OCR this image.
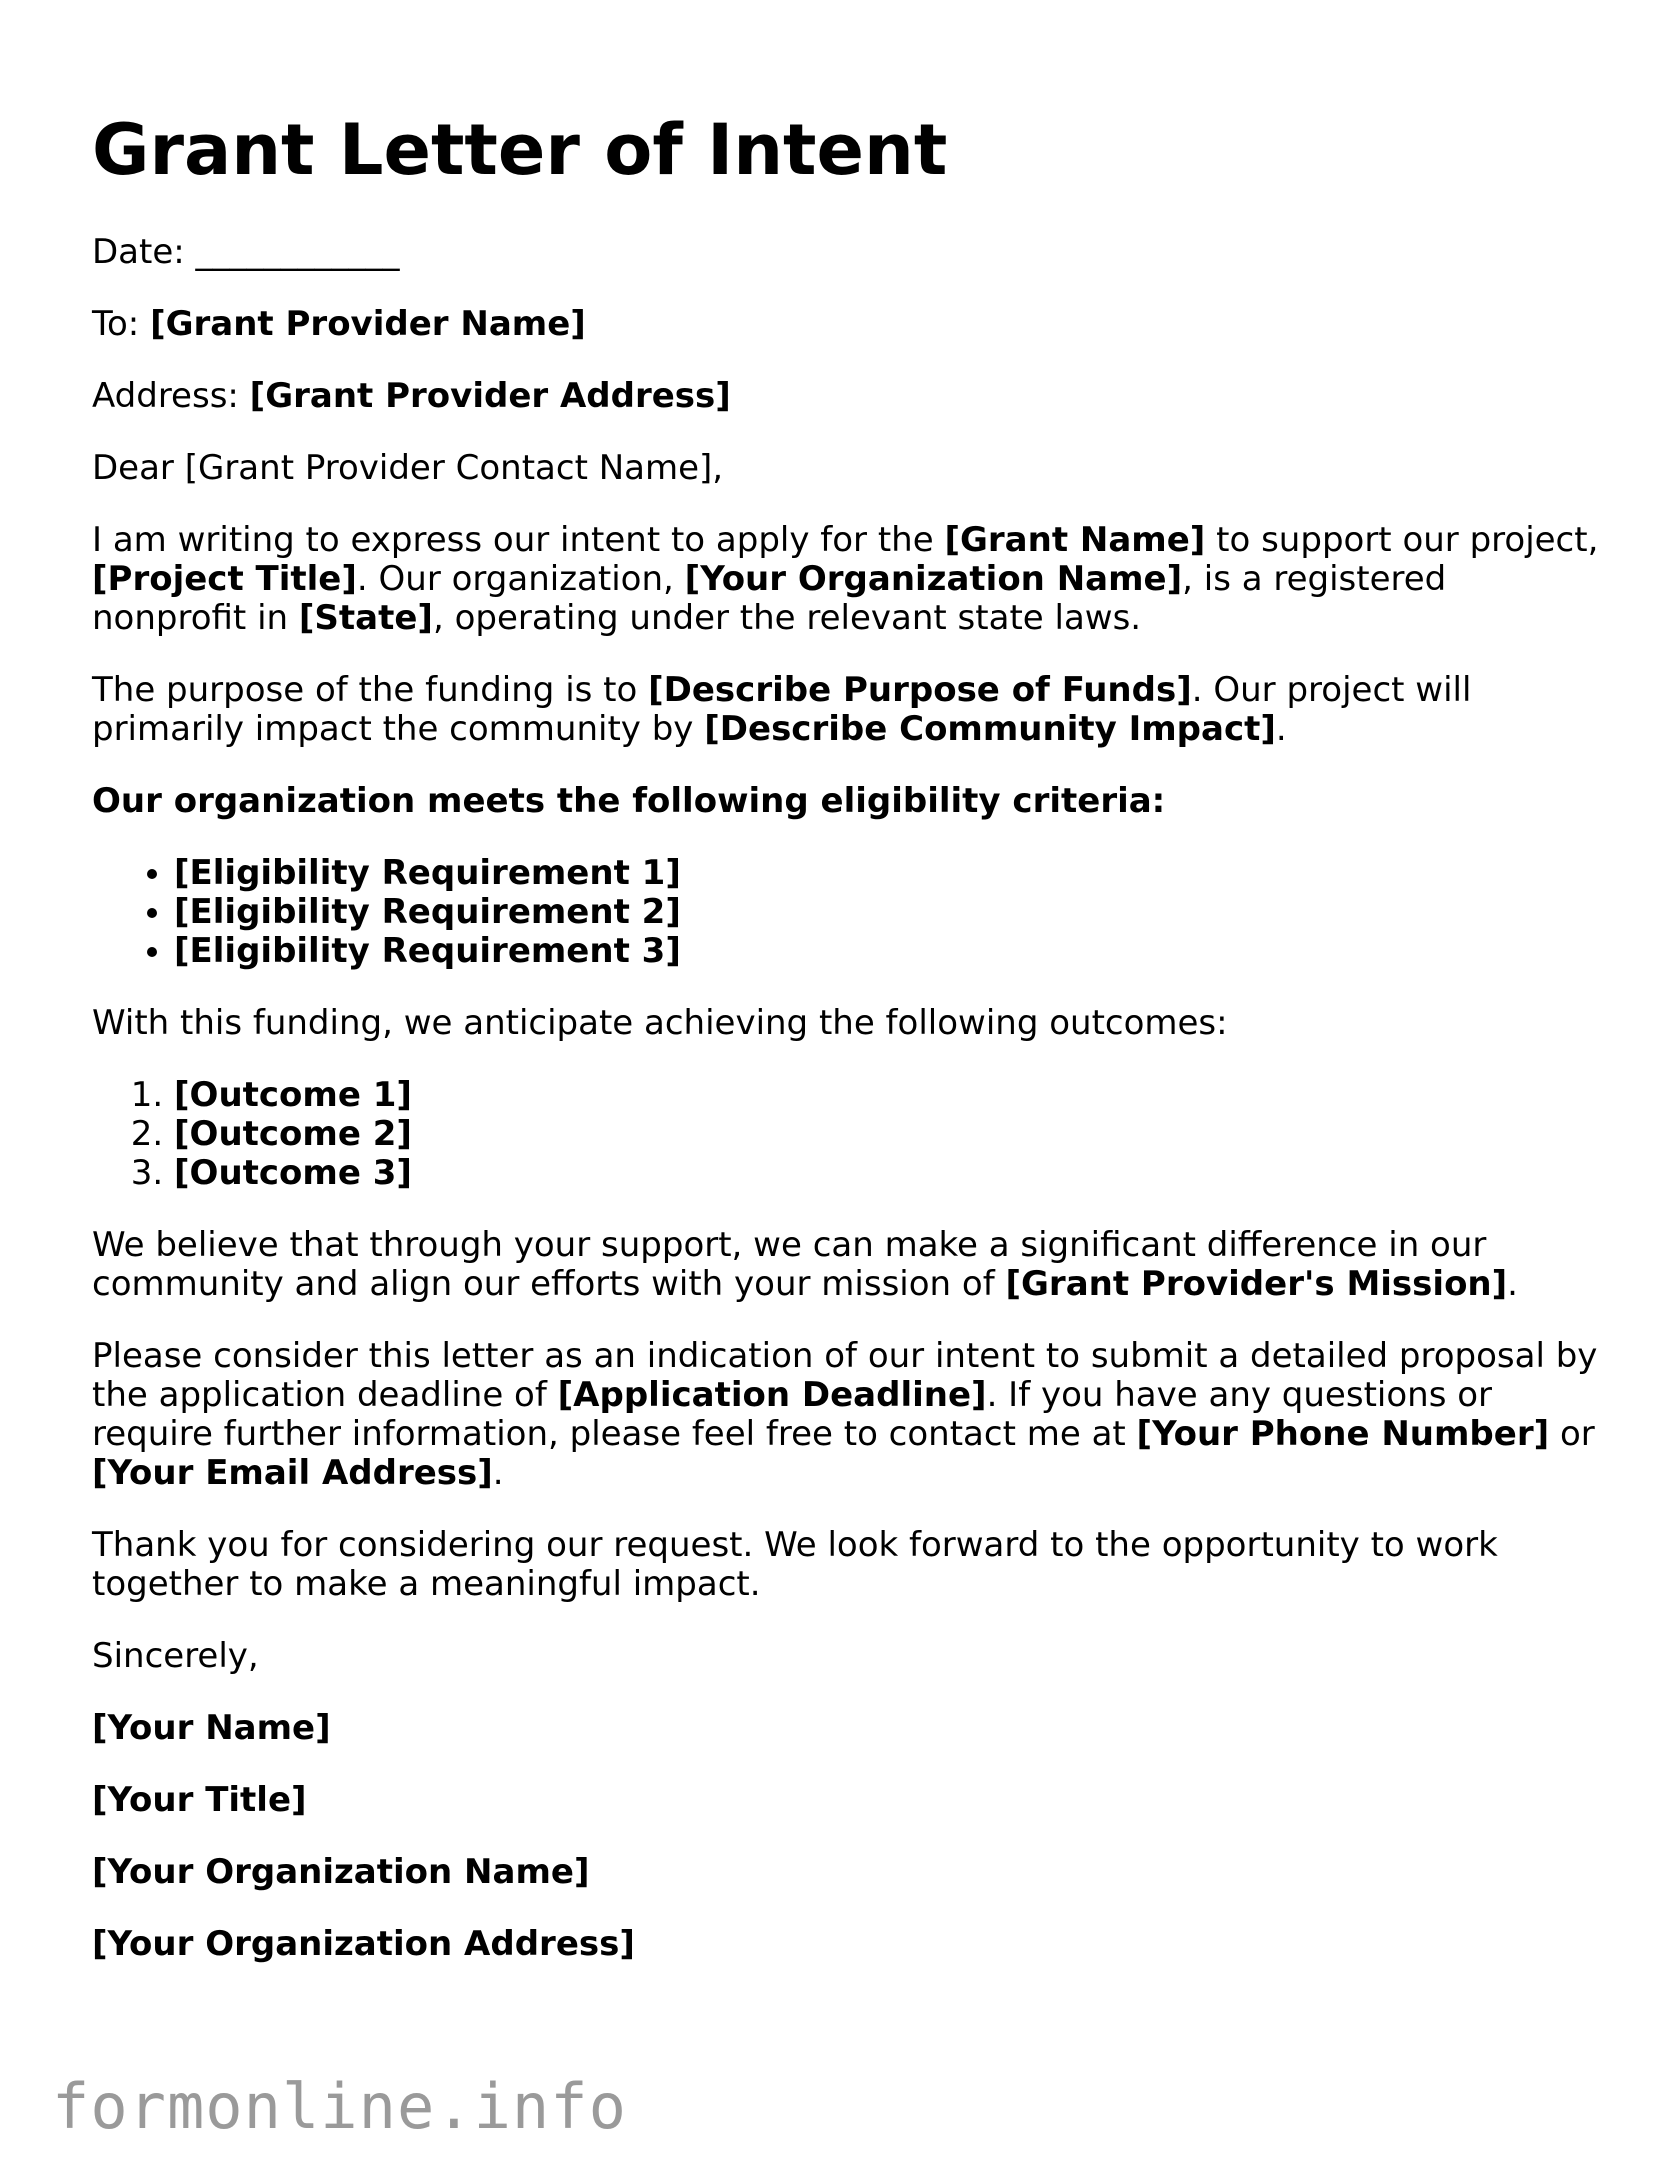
Grant Letter of Intent

Date: ____________

To: [Grant Provider Name]

Address: [Grant Provider Address]

Dear [Grant Provider Contact Name],

I am writing to express our intent to apply for the [Grant Name] to support our project, [Project Title]. Our organization, [Your Organization Name], is a registered nonprofit in [State], operating under the relevant state laws.

The purpose of the funding is to [Describe Purpose of Funds]. Our project will primarily impact the community by [Describe Community Impact].

Our organization meets the following eligibility criteria:

• [Eligibility Requirement 1]
• [Eligibility Requirement 2]
• [Eligibility Requirement 3]

With this funding, we anticipate achieving the following outcomes:

1. [Outcome 1]
2. [Outcome 2]
3. [Outcome 3]

We believe that through your support, we can make a significant difference in our community and align our efforts with your mission of [Grant Provider's Mission].

Please consider this letter as an indication of our intent to submit a detailed proposal by the application deadline of [Application Deadline]. If you have any questions or require further information, please feel free to contact me at [Your Phone Number] or [Your Email Address].

Thank you for considering our request. We look forward to the opportunity to work together to make a meaningful impact.

Sincerely,

[Your Name]

[Your Title]

[Your Organization Name]

[Your Organization Address]

formonline.info
